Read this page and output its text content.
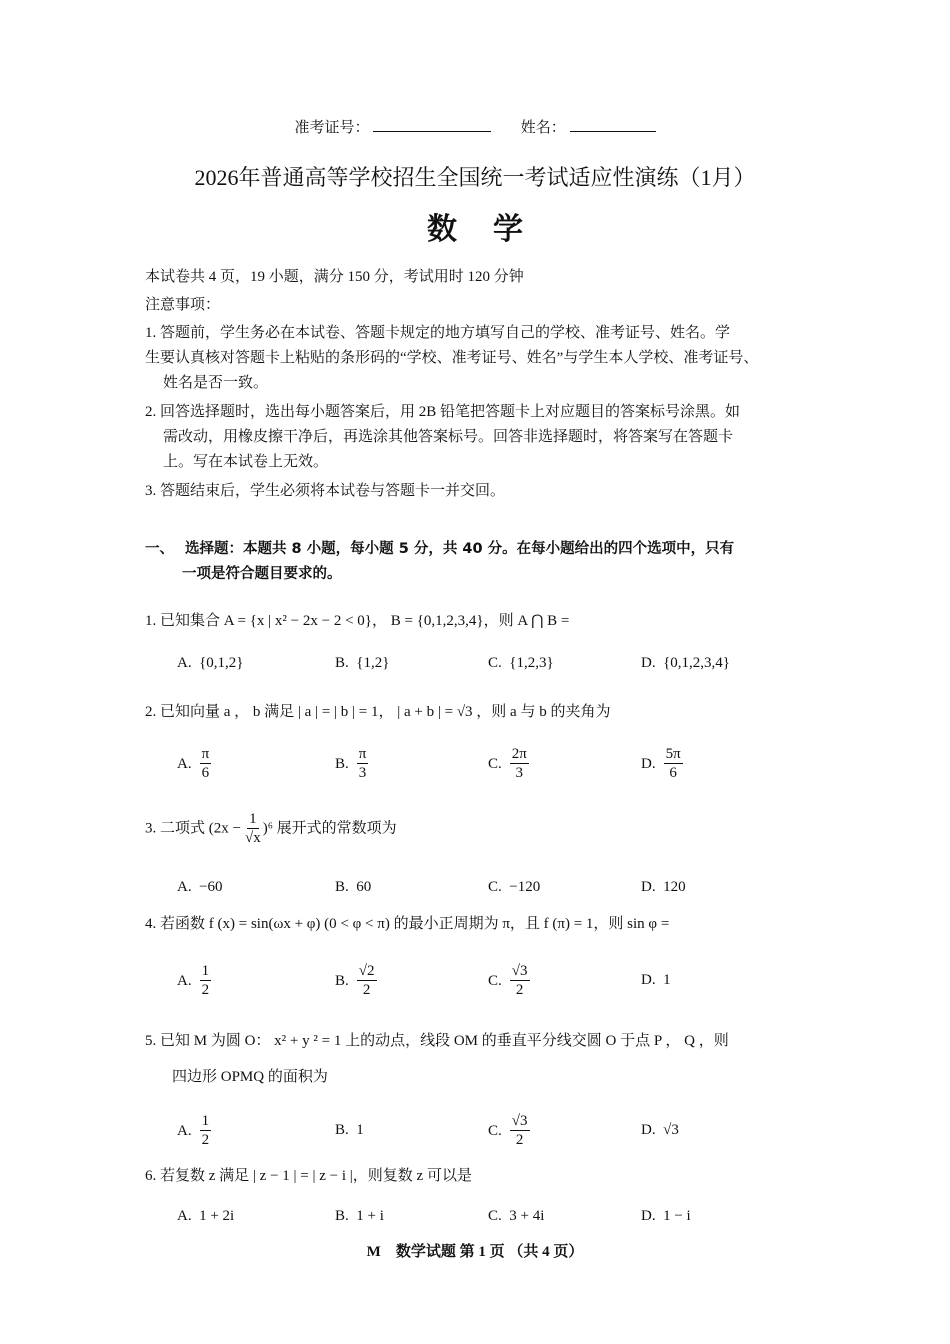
准考证号：	姓名：
2026年普通高等学校招生全国统一考试适应性演练（1月）
数学
本试卷共 4 页，19 小题，满分 150 分，考试用时 120 分钟
注意事项：
1. 答题前，学生务必在本试卷、答题卡规定的地方填写自己的学校、准考证号、姓名。学
生要认真核对答题卡上粘贴的条形码的“学校、准考证号、姓名”与学生本人学校、准考证号、
姓名是否一致。
2. 回答选择题时，选出每小题答案后，用 2B 铅笔把答题卡上对应题目的答案标号涂黑。如
需改动，用橡皮擦干净后，再选涂其他答案标号。回答非选择题时，将答案写在答题卡
上。写在本试卷上无效。
3. 答题结束后，学生必须将本试卷与答题卡一并交回。
一、 选择题：本题共 8 小题，每小题 5 分，共 40 分。在每小题给出的四个选项中，只有
一项是符合题目要求的。
1. 已知集合 A = {x | x² − 2x − 2 < 0}， B = {0,1,2,3,4}，则 A ⋂ B =
A. {0,1,2}	B. {1,2}	C. {1,2,3}	D. {0,1,2,3,4}
2. 已知向量 a ， b 满足 | a | = | b | = 1， | a + b | = √3 ，则 a 与 b 的夹角为
A. $\frac{\pi}{6}$	B. $\frac{\pi}{3}$	C. $\frac{2\pi}{3}$	D. $\frac{5\pi}{6}$
3. 二项式 $(2x - \frac{1}{√x} )^6$ 展开式的常数项为
A. −60	B. 60	C. −120	D. 120
4. 若函数 f (x) = sin(ωx + φ) (0 < φ < π) 的最小正周期为 π，且 f (π) = 1，则 sin φ =
A. $\frac{1}{2}$	B. $\frac{√2}{2}$	C. $\frac{√3}{2}$	D. 1
5. 已知 M 为圆 O： x² + y ² = 1 上的动点，线段 OM 的垂直平分线交圆 O 于点 P ， Q ，则
四边形 OPMQ 的面积为
A. $\frac{1}{2}$	B. 1	C. $\frac{√3}{2}$	D. √3
6. 若复数 z 满足 | z − 1 | = | z − i |，则复数 z 可以是
A. 1 + 2i	B. 1 + i	C. 3 + 4i	D. 1 − i
M　数学试题 第 1 页 （共 4 页）
